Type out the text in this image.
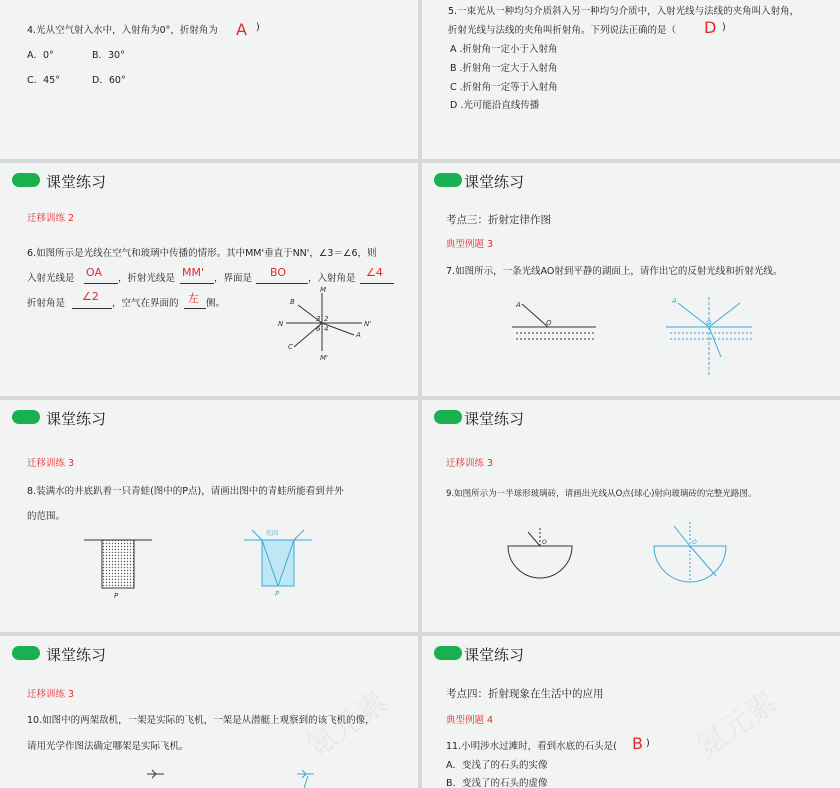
4.光从空气射入水中，入射角为0°，折射角为 A )
A．0°	B．30°
C．45°	D．60°
5.一束光从一种均匀介质斜入另一种均匀介质中，入射光线与法线的夹角叫入射角，
折射光线与法线的夹角叫折射角。下列说法正确的是（ D )
A .折射角一定小于入射角
B .折射角一定大于入射角
C .折射角一定等于入射角
D .光可能沿直线传播
课堂练习
迁移训练 2
6.如图所示是光线在空气和玻璃中传播的情形。其中MM'垂直于NN'，∠3＝∠6，则
入射光线是 OA ，折射光线是 MM' ，界面是 BO ，入射角是 ∠4
折射角是
∠2
，空气在界面的 左 侧。
M
M'
N	N'
B
A
C
3 2
6 4
课堂练习
考点三：折射定律作图
典型例题 3
7.如图所示，一条光线AO射到平静的湖面上，请作出它的反射光线和折射光线。
A
O
A
O
课堂练习
迁移训练 3
8.装满水的井底趴着一只青蛙(图中的P点)，请画出图中的青蛙所能看到井外
的范围。
P
范围
P
课堂练习
迁移训练 3
9.如图所示为一半球形玻璃砖，请画出光线从O点(球心)射向玻璃砖的完整光路图。
O	O
课堂练习
迁移训练 3
10.如图中的两架敌机，一架是实际的飞机，一架是从潜艇上观察到的该飞机的像，
请用光学作图法确定哪架是实际飞机。
课堂练习
考点四：折射现象在生活中的应用
典型例题 4
11.小明涉水过滩时，看到水底的石头是( B )
A．变浅了的石头的实像
B．变浅了的石头的虚像
氪元素	氪元素
